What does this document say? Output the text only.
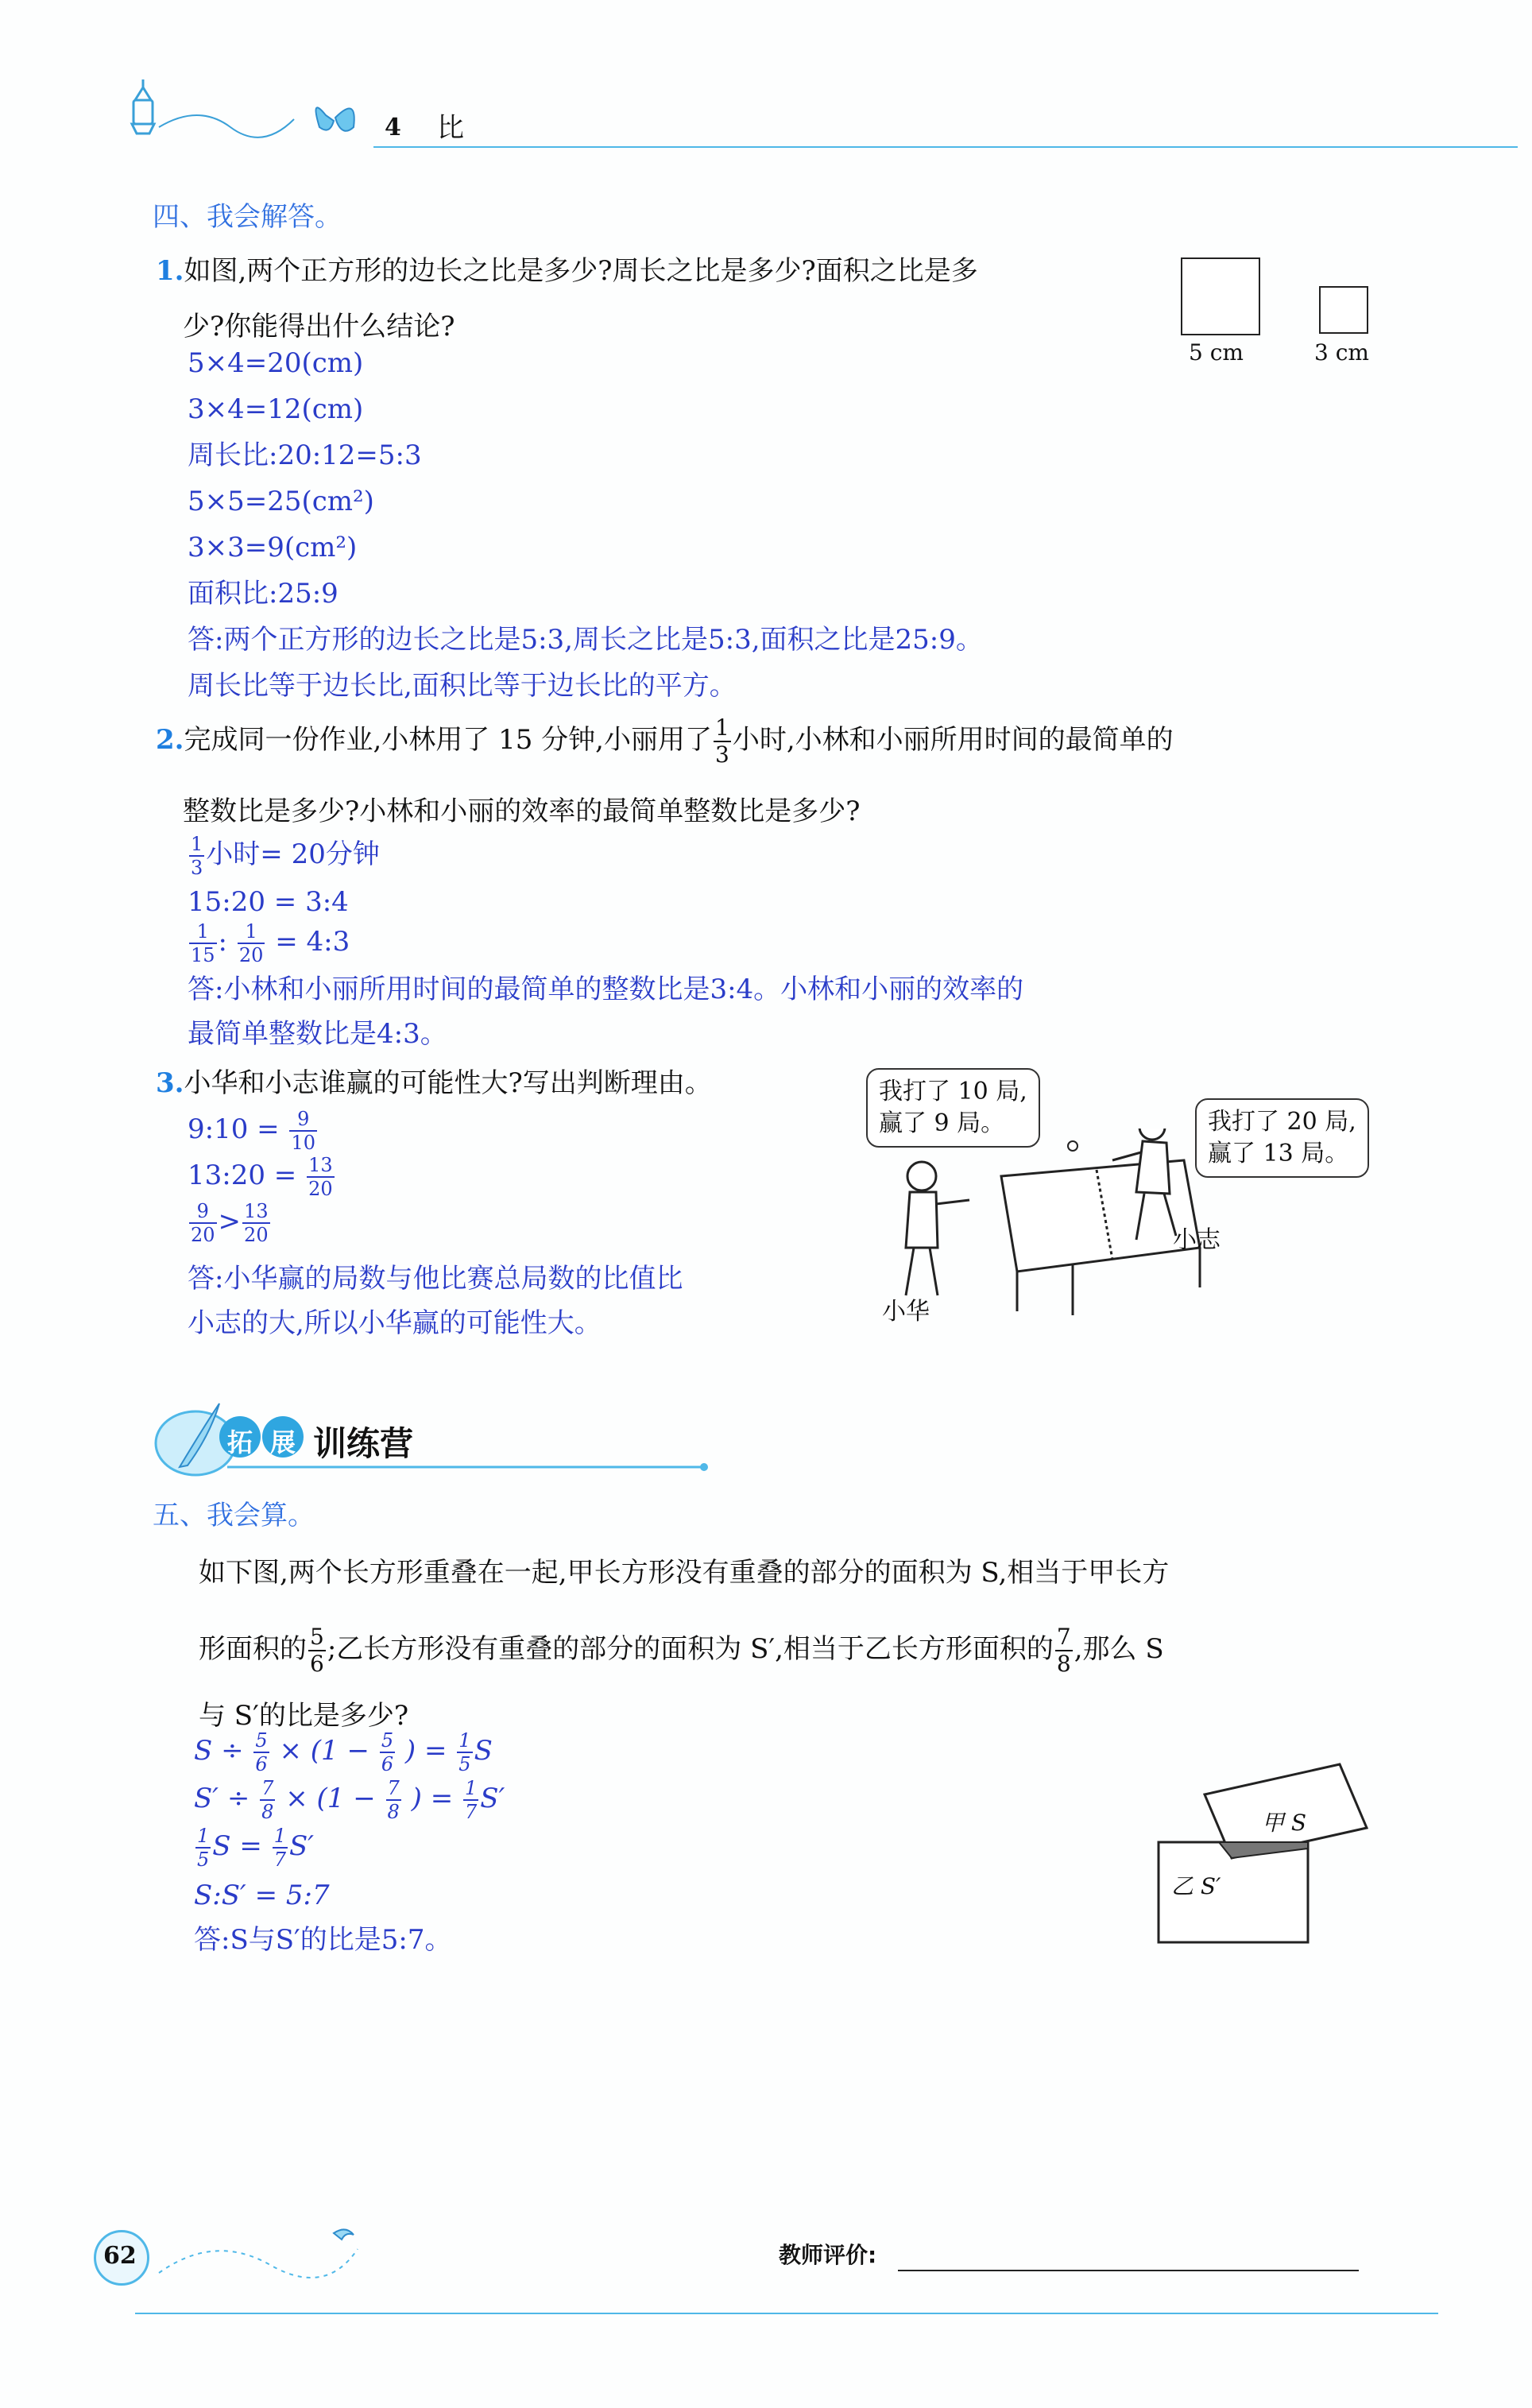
4 比
四、我会解答。
1.如图,两个正方形的边长之比是多少?周长之比是多少?面积之比是多
少?你能得出什么结论?
5 cm	3 cm
5×4=20(cm)
3×4=12(cm)
周长比:20:12=5:3
5×5=25(cm²)
3×3=9(cm²)
面积比:25:9
答:两个正方形的边长之比是5:3,周长之比是5:3,面积之比是25:9。
周长比等于边长比,面积比等于边长比的平方。
2.完成同一份作业,小林用了 15 分钟,小丽用了 $\frac{1}{3}$ 小时,小林和小丽所用时间的最简单的
整数比是多少?小林和小丽的效率的最简单整数比是多少?
$\frac{1}{3}$ 小时= 20分钟
15:20 = 3:4
$\frac{1}{15}$ : $\frac{1}{20}$ = 4:3
答:小林和小丽所用时间的最简单的整数比是3:4。小林和小丽的效率的
最简单整数比是4:3。
3.小华和小志谁赢的可能性大?写出判断理由。
9:10 = $\frac{9}{10}$
13:20 = $\frac{13}{20}$
$\frac{9}{20} > \frac{13}{20}$
答:小华赢的局数与他比赛总局数的比值比
小志的大,所以小华赢的可能性大。
我打了 10 局,
赢了 9 局。	我打了 20 局,
赢了 13 局。
小华
小志
拓 展 训练营
五、我会算。
如下图,两个长方形重叠在一起,甲长方形没有重叠的部分的面积为 S,相当于甲长方
形面积的 $\frac{5}{6}$ ;乙长方形没有重叠的部分的面积为 S′,相当于乙长方形面积的 $\frac{7}{8}$ ,那么 S
与 S′的比是多少?
$S \div \frac{5}{6} \times (1 - \frac{5}{6}$ ) = $\frac{1}{5}$ S
$S' \div \frac{7}{8} \times (1 - \frac{7}{8}$ ) = $\frac{1}{7} S'$
$\frac{1}{5}$ $S = \frac{1}{7} S'$
S:S′ = 5:7
答:S与S′的比是5:7。
甲 S
乙 S′
62	教师评价:
